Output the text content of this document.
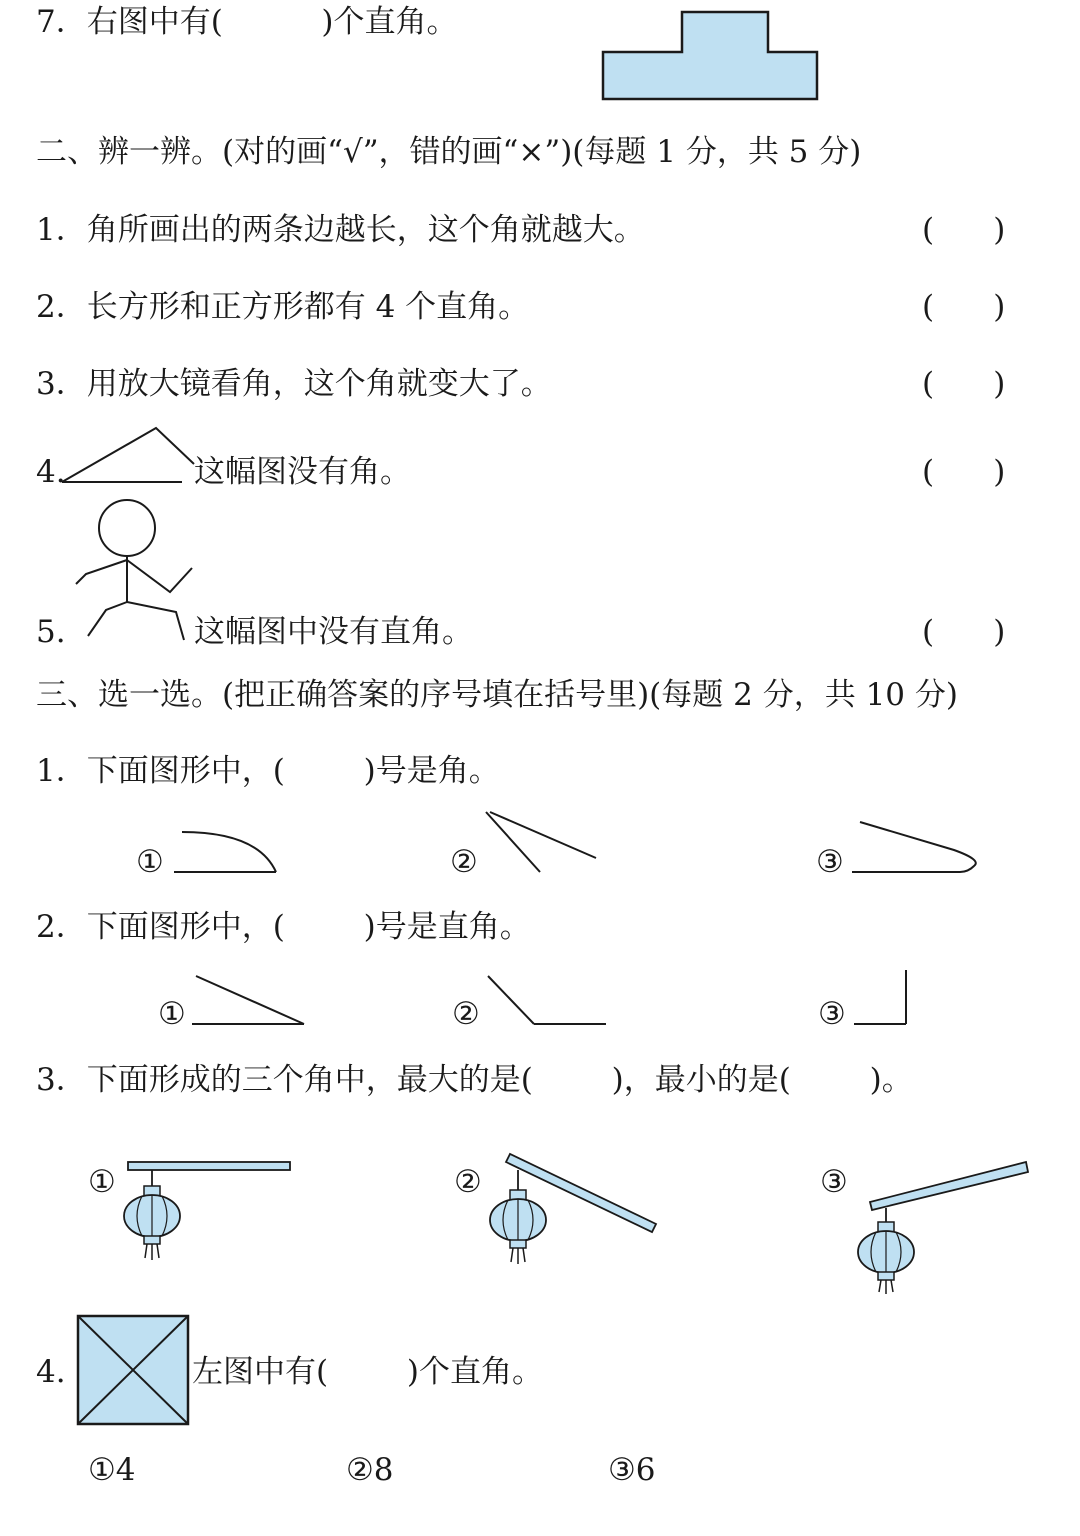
7．右图中有(          )个直角。
二、辨一辨。(对的画“√”，错的画“×”)(每题 1 分，共 5 分)
1．角所画出的两条边越长，这个角就越大。	(      )
2．长方形和正方形都有 4 个直角。	(      )
3．用放大镜看角，这个角就变大了。	(      )
4.	这幅图没有角。	(      )
5.	这幅图中没有直角。	(      )
三、选一选。(把正确答案的序号填在括号里)(每题 2 分，共 10 分)
1．下面图形中，(        )号是角。
①	②	③
2．下面图形中，(        )号是直角。
①	②	③
3．下面形成的三个角中，最大的是(        )，最小的是(        )。
①	②	③
4.	左图中有(        )个直角。
①4	②8	③6
